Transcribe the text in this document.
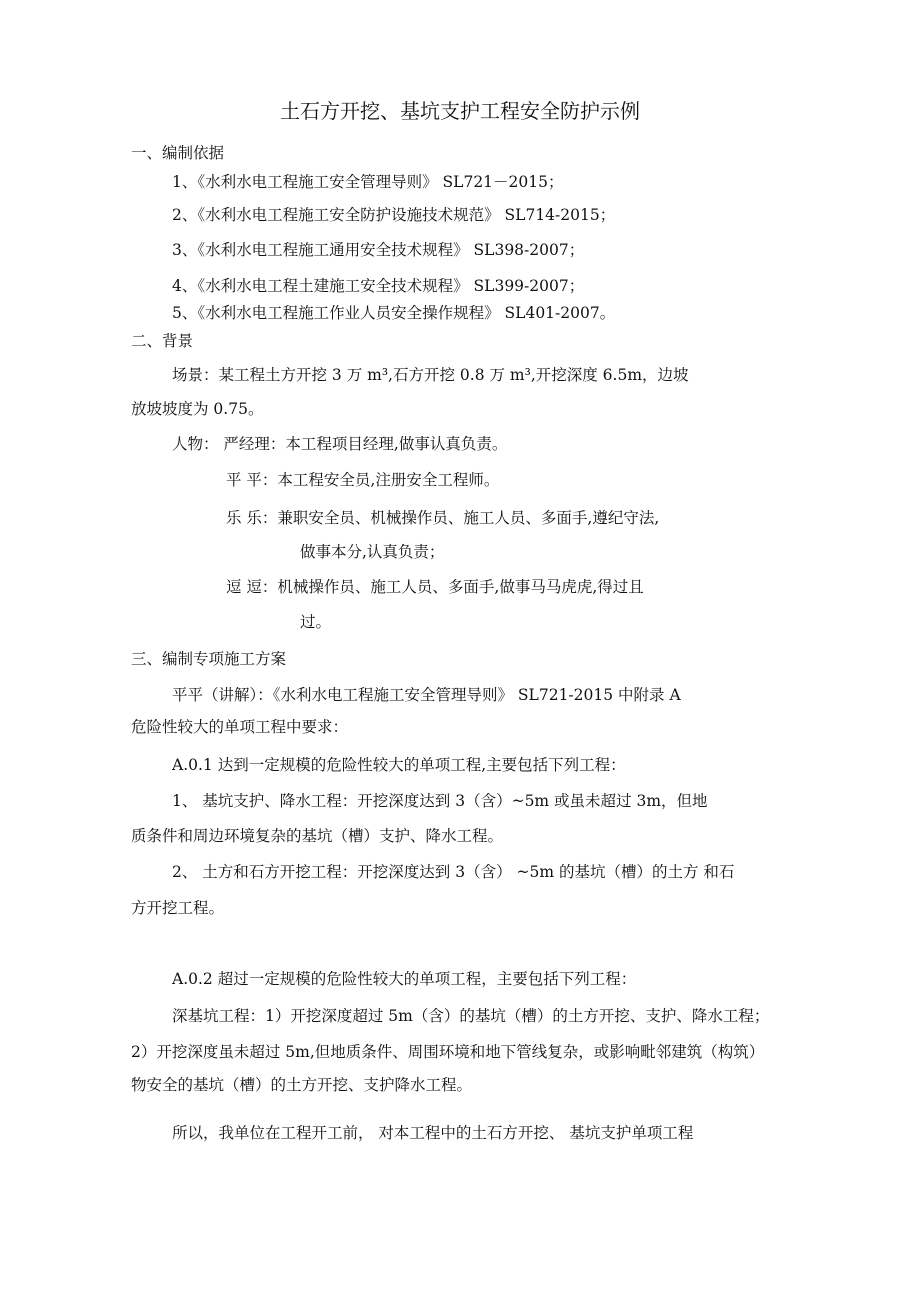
土石方开挖、基坑支护工程安全防护示例
一、编制依据
1、《水利水电工程施工安全管理导则》 SL721－2015；
2、《水利水电工程施工安全防护设施技术规范》 SL714-2015；
3、《水利水电工程施工通用安全技术规程》 SL398-2007；
4、《水利水电工程土建施工安全技术规程》 SL399-2007；
5、《水利水电工程施工作业人员安全操作规程》 SL401-2007。
二、背景
场景：某工程土方开挖 3 万 m³,石方开挖 0.8 万 m³,开挖深度 6.5m，边坡
放坡坡度为 0.75。
人物： 严经理：本工程项目经理,做事认真负责。
平 平：本工程安全员,注册安全工程师。
乐 乐：兼职安全员、机械操作员、施工人员、多面手,遵纪守法,
做事本分,认真负责；
逗 逗：机械操作员、施工人员、多面手,做事马马虎虎,得过且
过。
三、编制专项施工方案
平平（讲解）：《水利水电工程施工安全管理导则》 SL721-2015 中附录 A
危险性较大的单项工程中要求：
A.0.1 达到一定规模的危险性较大的单项工程,主要包括下列工程：
1、 基坑支护、降水工程：开挖深度达到 3（含）~5m 或虽未超过 3m，但地
质条件和周边环境复杂的基坑（槽）支护、降水工程。
2、 土方和石方开挖工程：开挖深度达到 3（含） ~5m 的基坑（槽）的土方 和石
方开挖工程。
A.0.2 超过一定规模的危险性较大的单项工程，主要包括下列工程：
深基坑工程：1）开挖深度超过 5m（含）的基坑（槽）的土方开挖、支护、降水工程；
2）开挖深度虽未超过 5m,但地质条件、周围环境和地下管线复杂，或影响毗邻建筑（构筑）
物安全的基坑（槽）的土方开挖、支护降水工程。
所以，我单位在工程开工前， 对本工程中的土石方开挖、 基坑支护单项工程
